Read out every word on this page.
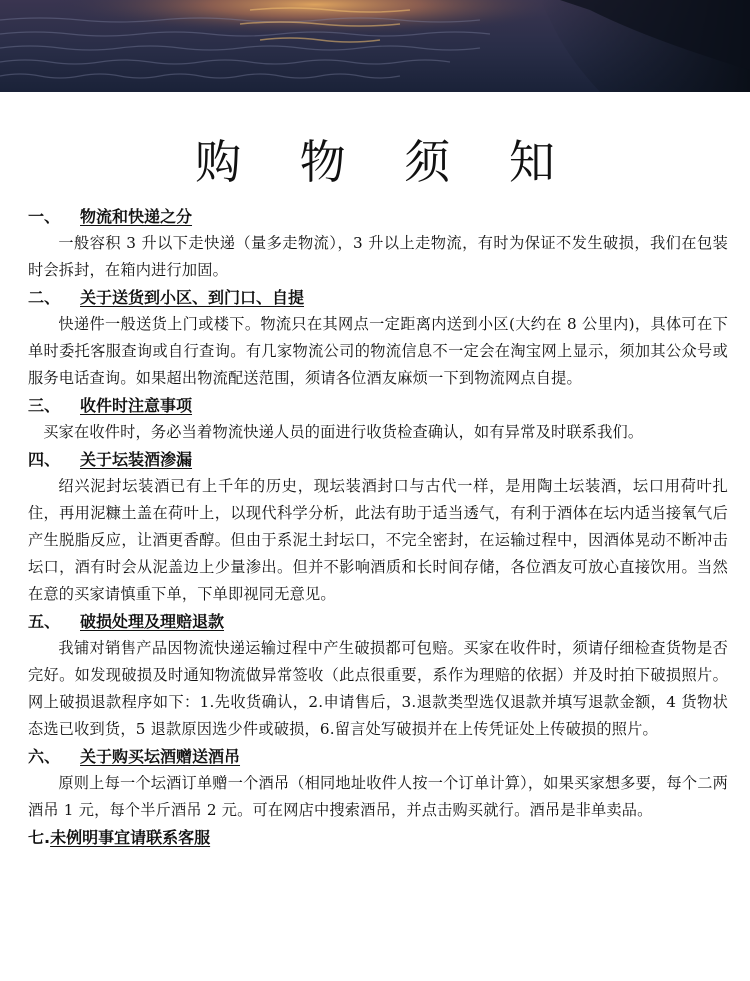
购 物 须 知
一、 物流和快递之分

一般容积 3 升以下走快递（量多走物流），3 升以上走物流，有时为保证不发生破损，我们在包装时会拆封，在箱内进行加固。

二、 关于送货到小区、到门口、自提

快递件一般送货上门或楼下。物流只在其网点一定距离内送到小区(大约在 8 公里内)，具体可在下单时委托客服查询或自行查询。有几家物流公司的物流信息不一定会在淘宝网上显示，须加其公众号或服务电话查询。如果超出物流配送范围，须请各位酒友麻烦一下到物流网点自提。

三、 收件时注意事项

买家在收件时，务必当着物流快递人员的面进行收货检查确认，如有异常及时联系我们。

四、 关于坛装酒渗漏

绍兴泥封坛装酒已有上千年的历史，现坛装酒封口与古代一样，是用陶土坛装酒，坛口用荷叶扎住，再用泥糠土盖在荷叶上，以现代科学分析，此法有助于适当透气，有利于酒体在坛内适当接氧气后产生脱脂反应，让酒更香醇。但由于系泥土封坛口，不完全密封，在运输过程中，因酒体晃动不断冲击坛口，酒有时会从泥盖边上少量渗出。但并不影响酒质和长时间存储，各位酒友可放心直接饮用。当然在意的买家请慎重下单，下单即视同无意见。

五、 破损处理及理赔退款

我铺对销售产品因物流快递运输过程中产生破损都可包赔。买家在收件时，须请仔细检查货物是否完好。如发现破损及时通知物流做异常签收（此点很重要，系作为理赔的依据）并及时拍下破损照片。网上破损退款程序如下：1.先收货确认，2.申请售后，3.退款类型选仅退款并填写退款金额，4 货物状态选已收到货，5 退款原因选少件或破损，6.留言处写破损并在上传凭证处上传破损的照片。

六、 关于购买坛酒赠送酒吊

原则上每一个坛酒订单赠一个酒吊（相同地址收件人按一个订单计算），如果买家想多要，每个二两酒吊 1 元，每个半斤酒吊 2 元。可在网店中搜索酒吊，并点击购买就行。酒吊是非单卖品。

七.未例明事宜请联系客服
